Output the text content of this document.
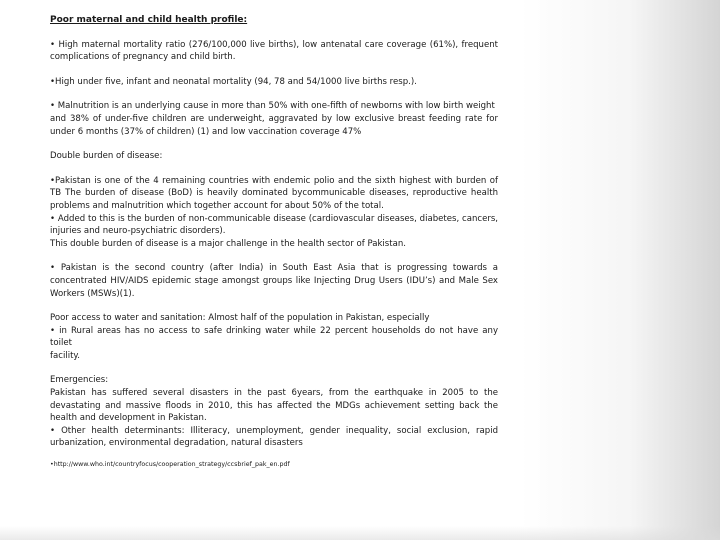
Poor maternal and child health profile:

• High maternal mortality ratio (276/100,000 live births), low antenatal care coverage (61%), frequent complications of pregnancy and child birth.

•High under five, infant and neonatal mortality (94, 78 and 54/1000 live births resp.).

• Malnutrition is an underlying cause in more than 50% with one-fifth of newborns with low birth weight

and 38% of under-five children are underweight, aggravated by low exclusive breast feeding rate for under 6 months (37% of children) (1) and low vaccination coverage 47%

Double burden of disease:

•Pakistan is one of the 4 remaining countries with endemic polio and the sixth highest with burden of TB The burden of disease (BoD) is heavily dominated bycommunicable diseases, reproductive health problems and malnutrition which together account for about 50% of the total.

• Added to this is the burden of non-communicable disease (cardiovascular diseases, diabetes, cancers, injuries and neuro-psychiatric disorders).

This double burden of disease is a major challenge in the health sector of Pakistan.

• Pakistan is the second country (after India) in South East Asia that is progressing towards a concentrated HIV/AIDS epidemic stage amongst groups like Injecting Drug Users (IDU’s) and Male Sex Workers (MSWs)(1).

Poor access to water and sanitation: Almost half of the population in Pakistan, especially

• in Rural areas has no access to safe drinking water while 22 percent households do not have any toilet

facility.

Emergencies:

Pakistan has suffered several disasters in the past 6years, from the earthquake in 2005 to the devastating and massive floods in 2010, this has affected the MDGs achievement setting back the health and development in Pakistan.

• Other health determinants: Illiteracy, unemployment, gender inequality, social exclusion, rapid urbanization, environmental degradation, natural disasters

•http://www.who.int/countryfocus/cooperation_strategy/ccsbrief_pak_en.pdf
